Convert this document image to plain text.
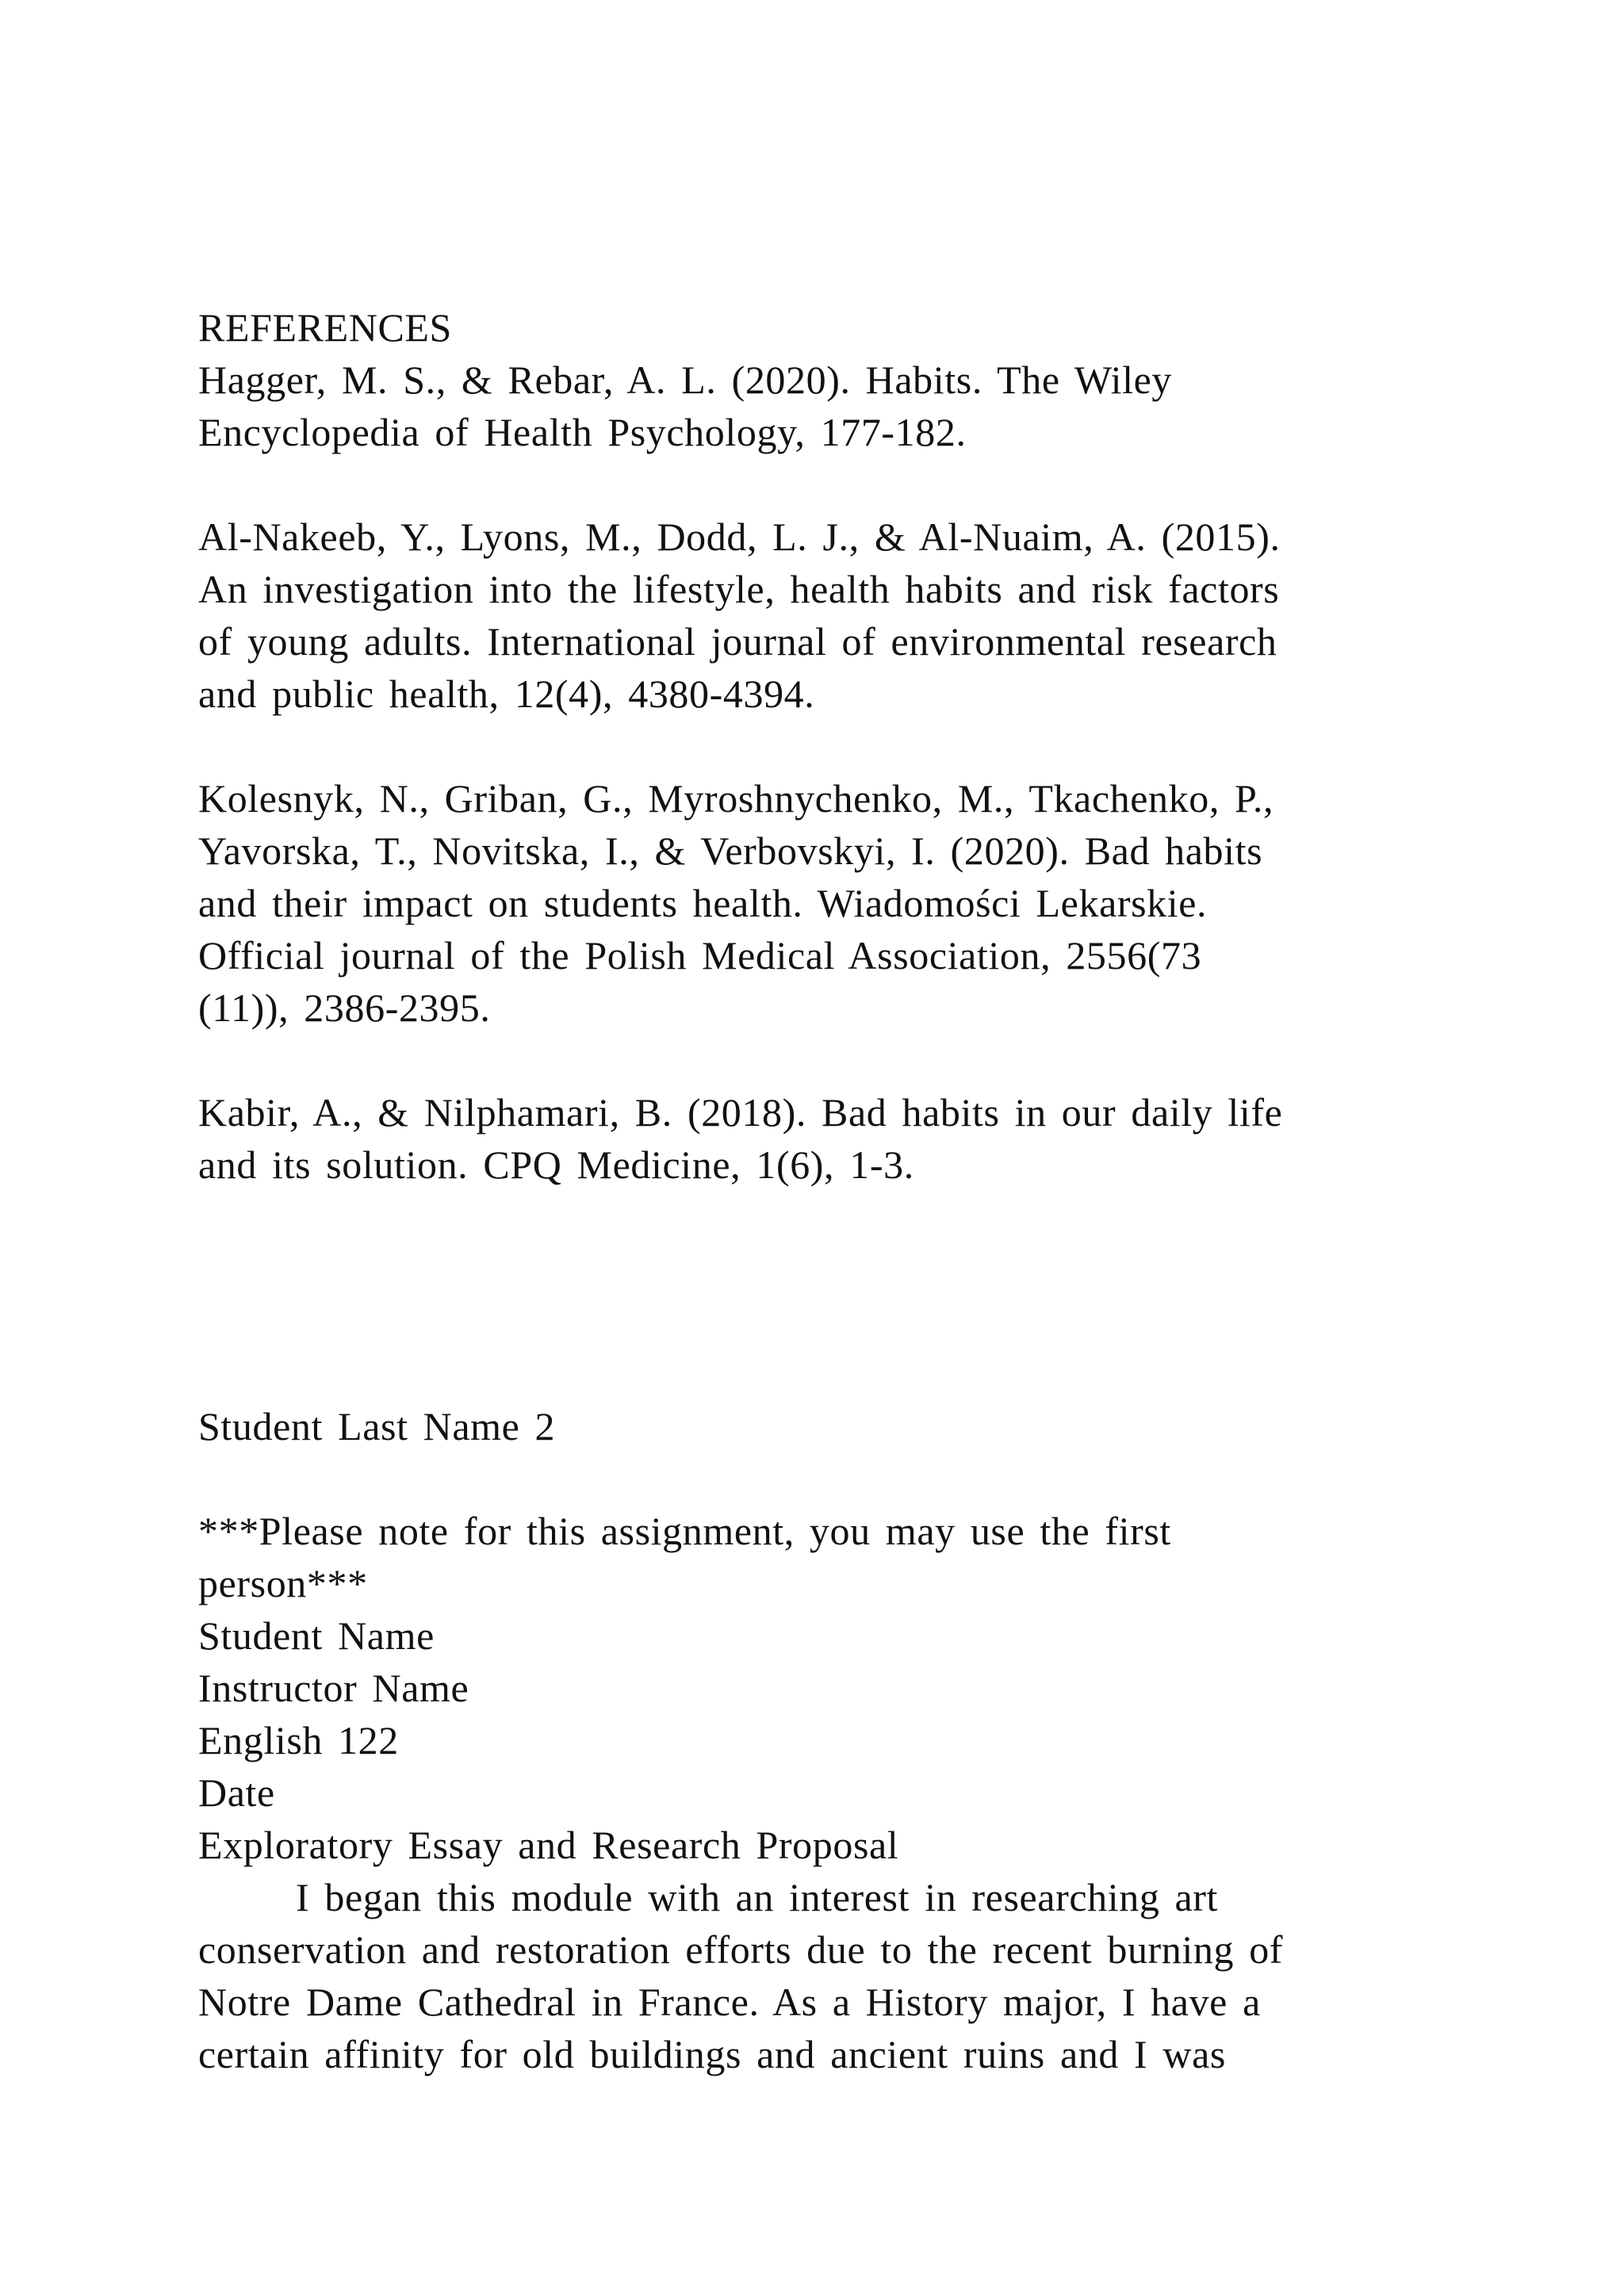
REFERENCES
Hagger, M. S., & Rebar, A. L. (2020). Habits. The Wiley
Encyclopedia of Health Psychology, 177-182.
Al-Nakeeb, Y., Lyons, M., Dodd, L. J., & Al-Nuaim, A. (2015).
An investigation into the lifestyle, health habits and risk factors
of young adults. International journal of environmental research
and public health, 12(4), 4380-4394.
Kolesnyk, N., Griban, G., Myroshnychenko, M., Tkachenko, P.,
Yavorska, T., Novitska, I., & Verbovskyi, I. (2020). Bad habits
and their impact on students health. Wiadomości Lekarskie.
Official journal of the Polish Medical Association, 2556(73
(11)), 2386-2395.
Kabir, A., & Nilphamari, B. (2018). Bad habits in our daily life
and its solution. CPQ Medicine, 1(6), 1-3.
Student Last Name 2
***Please note for this assignment, you may use the first
person***
Student Name
Instructor Name
English 122
Date
Exploratory Essay and Research Proposal
I began this module with an interest in researching art
conservation and restoration efforts due to the recent burning of
Notre Dame Cathedral in France. As a History major, I have a
certain affinity for old buildings and ancient ruins and I was
